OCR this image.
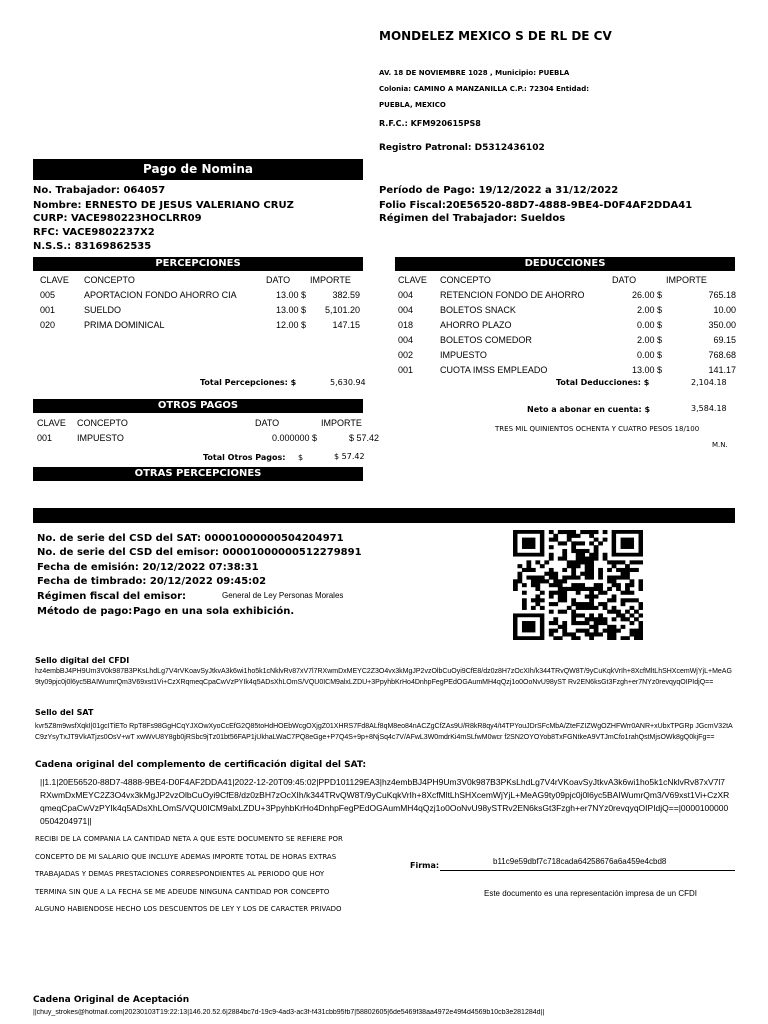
MONDELEZ MEXICO S DE RL DE CV
AV. 18 DE NOVIEMBRE 1028 , Municipio: PUEBLA
Colonia: CAMINO A MANZANILLA C.P.: 72304 Entidad:
PUEBLA, MEXICO
R.F.C.: KFM920615PS8
Registro Patronal: D5312436102
Pago de Nomina
No. Trabajador: 064057
Nombre: ERNESTO DE JESUS VALERIANO CRUZ
CURP: VACE980223HOCLRR09
RFC: VACE9802237X2
N.S.S.: 83169862535
Período de Pago: 19/12/2022 a 31/12/2022
Folio Fiscal:20E56520-88D7-4888-9BE4-D0F4AF2DDA41
Régimen del Trabajador: Sueldos
PERCEPCIONES
CLAVE	CONCEPTO	DATO	IMPORTE
005	APORTACION FONDO AHORRO CIA	13.00 $	382.59
001	SUELDO	13.00 $	5,101.20
020	PRIMA DOMINICAL	12.00 $	147.15
Total Percepciones: $	5,630.94
DEDUCCIONES
CLAVE	CONCEPTO	DATO	IMPORTE
004	RETENCION FONDO DE AHORRO	26.00 $	765.18
004	BOLETOS SNACK	2.00 $	10.00
018	AHORRO PLAZO	0.00 $	350.00
004	BOLETOS COMEDOR	2.00 $	69.15
002	IMPUESTO	0.00 $	768.68
001	CUOTA IMSS EMPLEADO	13.00 $	141.17
Total Deducciones: $	2,104.18
Neto a abonar en cuenta: $	3,584.18
TRES MIL QUINIENTOS OCHENTA Y CUATRO PESOS 18/100
M.N.
OTROS PAGOS
CLAVE	CONCEPTO	DATO	IMPORTE
001	IMPUESTO	0.000000 $	$ 57.42
Total Otros Pagos: $	$ 57.42
OTRAS PERCEPCIONES
No. de serie del CSD del SAT: 00001000000504204971
No. de serie del CSD del emisor: 00001000000512279891
Fecha de emisión: 20/12/2022 07:38:31
Fecha de timbrado: 20/12/2022 09:45:02
Régimen fiscal del emisor:	General de Ley Personas Morales
Método de pago: Pago en una sola exhibición.
Sello digital del CFDI
hz4embBJ4PH9Um3V0k987B3PKsLhdLg7V4rVKoavSyJtkvA3k6wi1ho5k1cNklvRv87xV7l7RXwmDxMEYC2Z3O4vx3kMgJP2vzOlbCuOyi9CfE8/dz0z8H7zOcXIh/k344TRvQW8T/9yCuKqkVrIh+8XcfMltLhSHXcemWjYjL+MeAG9ty09pjc0j0l6yc5BAIWumrQm3V69xst1Vi+CzXRqmeqCpaCwVzPYIk4q5ADsXhLOmS/VQU0ICM9alxLZDU+3PpyhbKrHo4DnhpFegPEdOGAumMH4qQzj1o0OoNvU98yST Rv2EN6ksGt3Fzgh+er7NYz0revqyqOIPIdjQ==
Sello del SAT
kvr5Z8m9wsfXqkI|01gcITiETo RpT8Fs98GgHCqYJXOwXyoCcEfG2Q85toHdHOEbWcgOXjgZ01XHRS7Fd8ALf8qM8eo84nACZgCfZAs9U/R8kR8qy4/t4TPYouJDrSFcMbA/ZteFZIZWgOZHFWrr0ANR+xUbxTPGRp JGcmV32tAC9zYsyTxJT9VkATjzs0OsV+wT xwWvU8Y8gb0jRSbc9jTz01bt56FAP1jUkhaLWaC7PQ8eGge+P7Q4S+9p+8NjSq4c7V/AFwL3W0mdrKi4mSLfwM0wcr f2SN2OYOYob8TxFGNtkeA9VTJmCfo1rahQstMjsOWk8gQ0kjFg==
Cadena original del complemento de certificación digital del SAT:
||1.1|20E56520-88D7-4888-9BE4-D0F4AF2DDA41|2022-12-20T09:45:02|PPD101129EA3|hz4embBJ4PH9Um3V0k987B3PKsLhdLg7V4rVKoavSyJtkvA3k6wi1ho5k1cNklvRv87xV7l7RXwmDxMEYC2Z3O4vx3kMgJP2vzOlbCuOyi9CfE8/dz0zBH7zOcXIh/k344TRvQW8T/9yCuKqkVrIh+8XcfMltLhSHXcemWjYjL+MeAG9ty09pjc0j0l6yc5BAIWumrQm3/V69xst1Vi+CzXRqmeqCpaCwVzPYIk4q5ADsXhLOmS/VQU0ICM9alxLZDU+3PpyhbKrHo4DnhpFegPEdOGAumMH4qQzj1o0OoNvU98ySTRv2EN6ksGt3Fzgh+er7NYz0revqyqOIPIdjQ==|00001000000504204971||
RECIBI DE LA COMPANIA LA CANTIDAD NETA A QUE ESTE DOCUMENTO SE REFIERE POR
CONCEPTO DE MI SALARIO QUE INCLUYE ADEMAS IMPORTE TOTAL DE HORAS EXTRAS
TRABAJADAS Y DEMAS PRESTACIONES CORRESPONDIENTES AL PERIODO QUE HOY
TERMINA SIN QUE A LA FECHA SE ME ADEUDE NINGUNA CANTIDAD POR CONCEPTO
ALGUNO HABIENDOSE HECHO LOS DESCUENTOS DE LEY Y LOS DE CARACTER PRIVADO
Firma:	b11c9e59dbf7c718cada64258676a6a459e4cbd8
Este documento es una representación impresa de un CFDI
Cadena Original de Aceptación
||chuy_strokes@hotmail.com|20230103T19:22:13|146.20.52.6|2884bc7d-19c9-4ad3-ac3f-f431cbb95fb7|58802605|6de5469f38aa4972e49f4d4569b10cb3e281284d||
